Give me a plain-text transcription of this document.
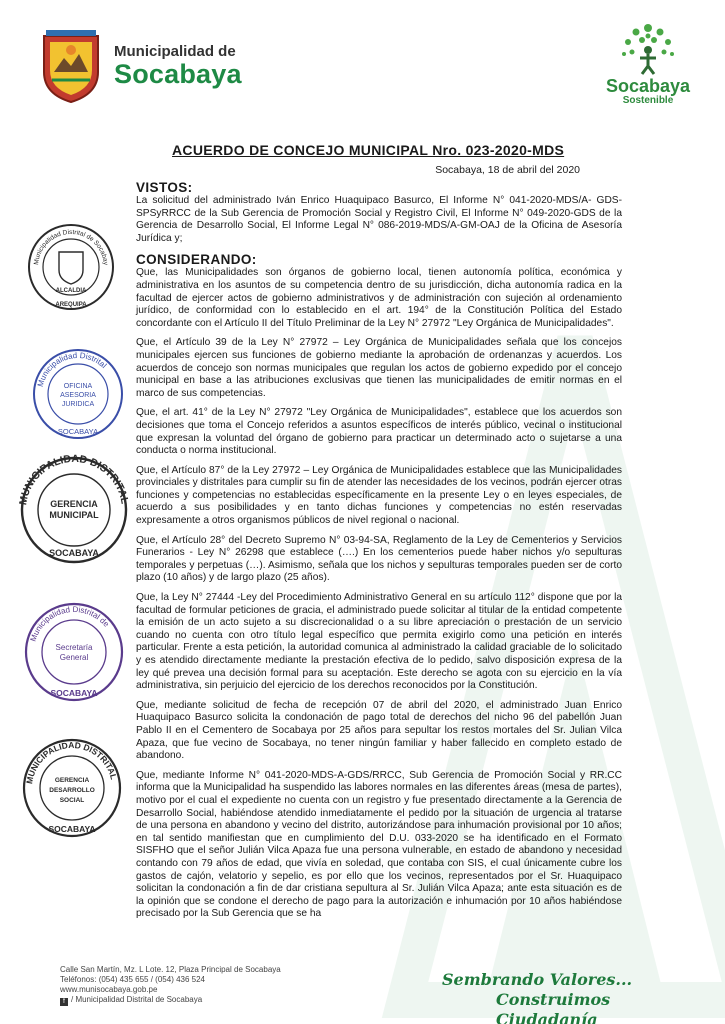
Municipalidad de
Socabaya	Socabaya
Sostenible
ACUERDO DE CONCEJO MUNICIPAL Nro. 023-2020-MDS
Socabaya, 18 de abril del 2020
VISTOS:

La solicitud del administrado Iván Enrico Huaquipaco Basurco, El Informe N° 041-2020-MDS/A- GDS-SPSyRRCC de la Sub Gerencia de Promoción Social y Registro Civil, El Informe N° 049-2020-GDS de la Gerencia de Desarrollo Social, El Informe Legal N° 086-2019-MDS/A-GM-OAJ de la Oficina de Asesoría Jurídica y;

CONSIDERANDO:

Que, las Municipalidades son órganos de gobierno local, tienen autonomía política, económica y administrativa en los asuntos de su competencia dentro de su jurisdicción, dicha autonomía radica en la facultad de ejercer actos de gobierno administrativos y de administración con sujeción al ordenamiento jurídico, de conformidad con lo establecido en el art. 194° de la Constitución Política del Estado concordante con el Artículo II del Título Preliminar de la Ley N° 27972 "Ley Orgánica de Municipalidades".

Que, el Artículo 39 de la Ley N° 27972 – Ley Orgánica de Municipalidades señala que los concejos municipales ejercen sus funciones de gobierno mediante la aprobación de ordenanzas y acuerdos. Los acuerdos de concejo son normas municipales que regulan los actos de gobierno expedido por el concejo municipal en base a las atribuciones exclusivas que tienen las municipalidades de emitir normas en el marco de sus competencias.

Que, el art. 41° de la Ley N° 27972 "Ley Orgánica de Municipalidades", establece que los acuerdos son decisiones que toma el Concejo referidos a asuntos específicos de interés público, vecinal o institucional que expresan la voluntad del órgano de gobierno para practicar un determinado acto o sujetarse a una conducta o norma institucional.

Que, el Artículo 87° de la Ley 27972 – Ley Orgánica de Municipalidades establece que las Municipalidades provinciales y distritales para cumplir su fin de atender las necesidades de los vecinos, podrán ejercer otras funciones y competencias no establecidas específicamente en la presente Ley o en leyes especiales, de acuerdo a sus posibilidades y en tanto dichas funciones y competencias no estén reservadas expresamente a otros organismos públicos de nivel regional o nacional.

Que, el Artículo 28° del Decreto Supremo N° 03-94-SA, Reglamento de la Ley de Cementerios y Servicios Funerarios - Ley N° 26298 que establece (….) En los cementerios puede haber nichos y/o sepulturas temporales y perpetuas (…). Asimismo, señala que los nichos y sepulturas temporales pueden ser de corto plazo (10 años) y de largo plazo (25 años).

Que, la Ley N° 27444 -Ley del Procedimiento Administrativo General en su artículo 112° dispone que por la facultad de formular peticiones de gracia, el administrado puede solicitar al titular de la entidad competente la emisión de un acto sujeto a su discrecionalidad o a su libre apreciación o prestación de un servicio cuando no cuenta con otro título legal específico que permita exigirlo como una petición en interés particular. Frente a esta petición, la autoridad comunica al administrado la calidad graciable de lo solicitado y es atendido directamente mediante la prestación efectiva de lo pedido, salvo disposición expresa de la ley qué prevea una decisión formal para su aceptación. Este derecho se agota con su ejercicio en la vía administrativa, sin perjuicio del ejercicio de los derechos reconocidos por la Constitución.

Que, mediante solicitud de fecha de recepción 07 de abril del 2020, el administrado Juan Enrico Huaquipaco Basurco solicita la condonación de pago total de derechos del nicho 96 del pabellón Juan Pablo II en el Cementero de Socabaya por 25 años para sepultar los restos mortales del Sr. Julian Vilca Apaza, que fue vecino de Socabaya, no tener ningún familiar y haber fallecido en completo estado de abandono.

Que, mediante Informe N° 041-2020-MDS-A-GDS/RRCC, Sub Gerencia de Promoción Social y RR.CC informa que la Municipalidad ha suspendido las labores normales en las diferentes áreas (mesa de partes), motivo por el cual el expediente no cuenta con un registro y fue presentado directamente a la Gerencia de Desarrollo Social, habiéndose atendido inmediatamente el pedido por la situación de urgencia al tratarse de una persona en abandono y vecino del distrito, autorizándose para inhumación provisional por 10 años; en tal sentido manifiestan que en cumplimiento del D.U. 033-2020 se ha identificado en el Formato SISFHO que el señor Julián Vilca Apaza fue una persona vulnerable, en estado de abandono y necesidad contando con 79 años de edad, que vivía en soledad, que contaba con SIS, el cual únicamente cubre los gastos de cajón, velatorio y sepelio, es por ello que los vecinos, representados por el Sr. Huaquipaco solicitan la condonación a fin de dar cristiana sepultura al Sr. Julián Vilca Apaza; ante esta situación es de la opinión que se condone el derecho de pago para la autorización e inhumación por 10 años habiéndose precisado por la Sub Gerencia que se ha

Municipalidad Distrital de Socabay
ALCALDIA
AREQUIPA
Municipalidad Distrital
OFICINA
ASESORIA
JURIDICA
SOCABAYA
MUNICIPALIDAD DISTRITAL
GERENCIA
MUNICIPAL
SOCABAYA
Municipalidad Distrital de
Secretaría
General
SOCABAYA
MUNICIPALIDAD DISTRITAL
GERENCIA
DESARROLLO
SOCIAL
SOCABAYA
Calle San Martín, Mz. L Lote. 12, Plaza Principal de Socabaya
Teléfonos: (054) 435 655 / (054) 436 524
www.munisocabaya.gob.pe
f / Municipalidad Distrital de Socabaya
Sembrando Valores...
Construimos Ciudadanía
